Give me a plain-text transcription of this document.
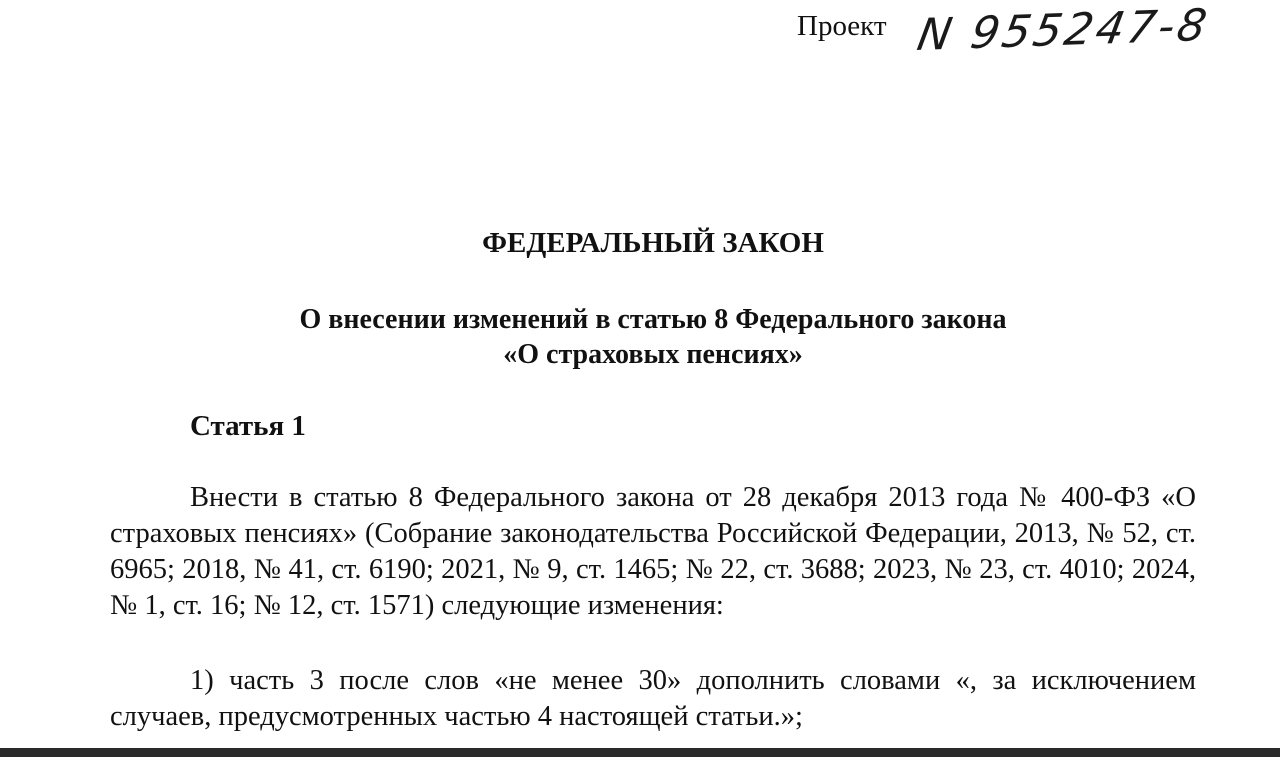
Проект N 955247-8
ФЕДЕРАЛЬНЫЙ ЗАКОН
О внесении изменений в статью 8 Федерального закона
«О страховых пенсиях»
Статья 1
Внести в статью 8 Федерального закона от 28 декабря 2013 года № 400-ФЗ «О страховых пенсиях» (Собрание законодательства Российской Федерации, 2013, № 52, ст. 6965; 2018, № 41, ст. 6190; 2021, № 9, ст. 1465; № 22, ст. 3688; 2023, № 23, ст. 4010; 2024, № 1, ст. 16; № 12, ст. 1571) следующие изменения:
1) часть 3 после слов «не менее 30» дополнить словами «, за исключением случаев, предусмотренных частью 4 настоящей статьи.»;
